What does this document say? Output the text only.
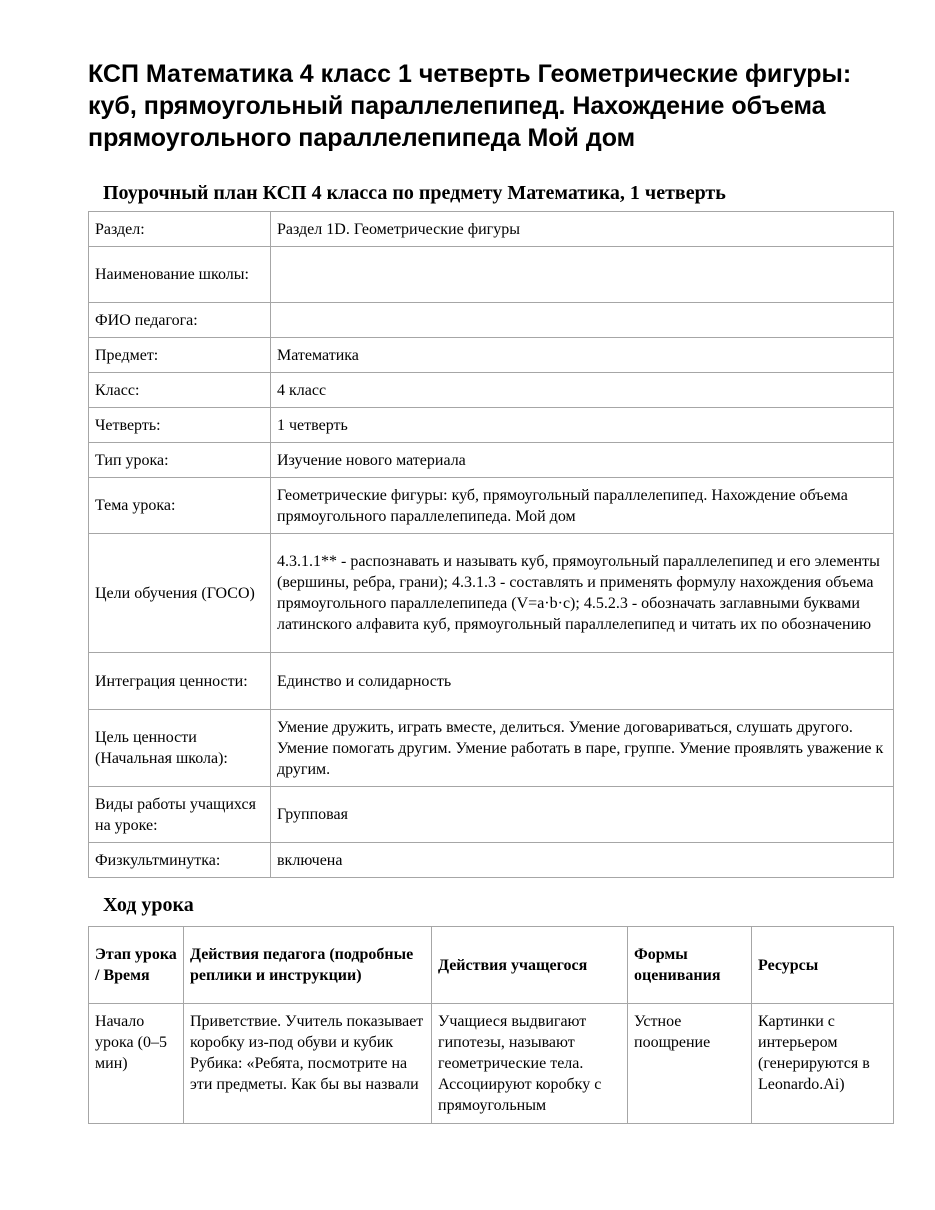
КСП Математика 4 класс 1 четверть Геометрические фигуры: куб, прямоугольный параллелепипед. Нахождение объема прямоугольного параллелепипеда Мой дом
Поурочный план КСП 4 класса по предмету Математика, 1 четверть
Раздел:	Раздел 1D. Геометрические фигуры
Наименование школы:	
ФИО педагога:	
Предмет:	Математика
Класс:	4 класс
Четверть:	1 четверть
Тип урока:	Изучение нового материала
Тема урока:	Геометрические фигуры: куб, прямоугольный параллелепипед. Нахождение объема прямоугольного параллелепипеда. Мой дом
Цели обучения (ГОСО)	4.3.1.1** - распознавать и называть куб, прямоугольный параллелепипед и его элементы (вершины, ребра, грани); 4.3.1.3 - составлять и применять формулу нахождения объема прямоугольного параллелепипеда (V=a·b·c); 4.5.2.3 - обозначать заглавными буквами латинского алфавита куб, прямоугольный параллелепипед и читать их по обозначению
Интеграция ценности:	Единство и солидарность
Цель ценности (Начальная школа):	Умение дружить, играть вместе, делиться. Умение договариваться, слушать другого. Умение помогать другим. Умение работать в паре, группе. Умение проявлять уважение к другим.
Виды работы учащихся на уроке:	Групповая
Физкультминутка:	включена
Ход урока
Этап урока / Время	Действия педагога (подробные реплики и инструкции)	Действия учащегося	Формы оценивания	Ресурсы
Начало урока (0–5 мин)	Приветствие. Учитель показывает коробку из-под обуви и кубик Рубика: «Ребята, посмотрите на эти предметы. Как бы вы назвали	Учащиеся выдвигают гипотезы, называют геометрические тела. Ассоциируют коробку с прямоугольным	Устное поощрение	Картинки с интерьером (генерируются в Leonardo.Ai)
